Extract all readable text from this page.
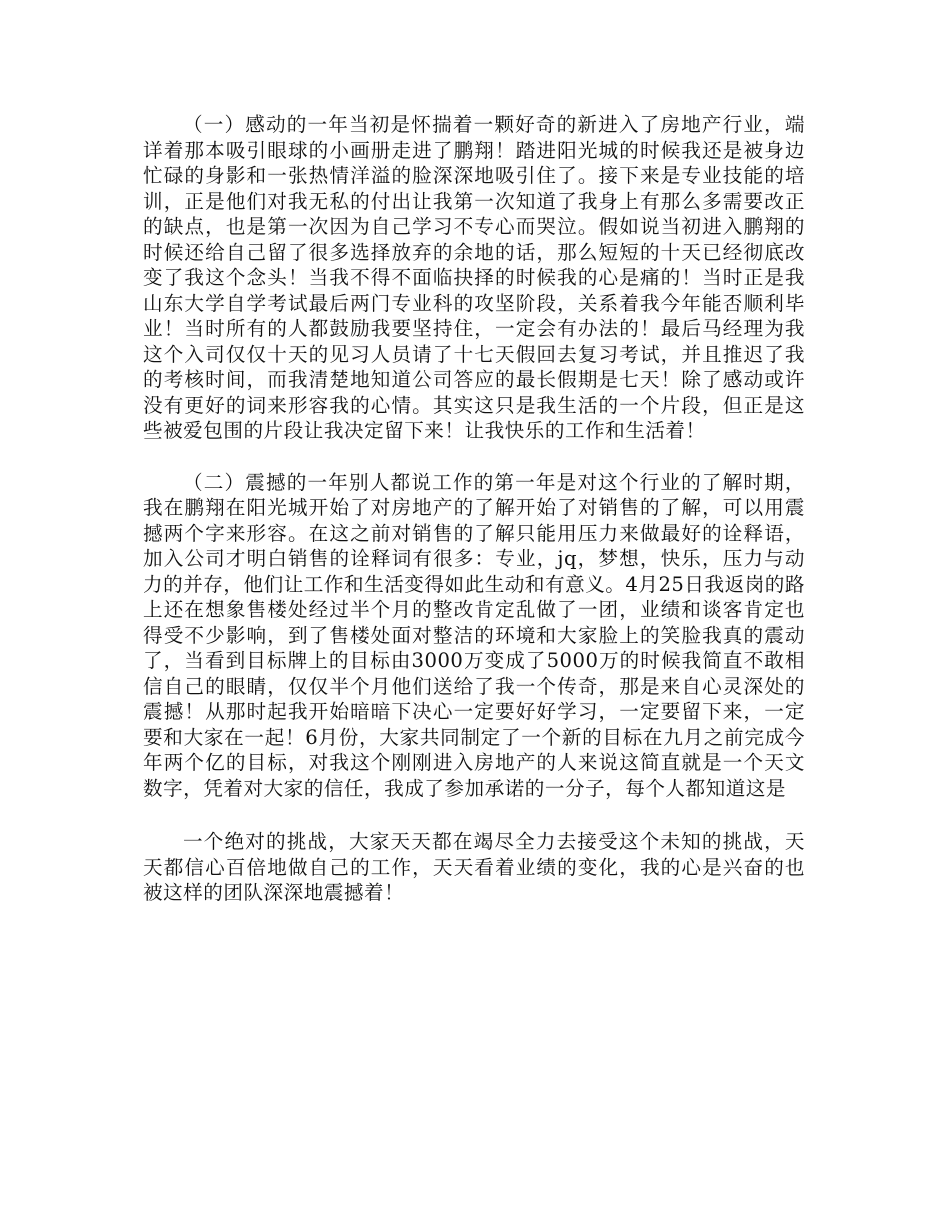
（一）感动的一年当初是怀揣着一颗好奇的新进入了房地产行业，端详着那本吸引眼球的小画册走进了鹏翔！踏进阳光城的时候我还是被身边忙碌的身影和一张热情洋溢的脸深深地吸引住了。接下来是专业技能的培训，正是他们对我无私的付出让我第一次知道了我身上有那么多需要改正的缺点，也是第一次因为自己学习不专心而哭泣。假如说当初进入鹏翔的时候还给自己留了很多选择放弃的余地的话，那么短短的十天已经彻底改变了我这个念头！当我不得不面临抉择的时候我的心是痛的！当时正是我山东大学自学考试最后两门专业科的攻坚阶段，关系着我今年能否顺利毕业！当时所有的人都鼓励我要坚持住，一定会有办法的！最后马经理为我这个入司仅仅十天的见习人员请了十七天假回去复习考试，并且推迟了我的考核时间，而我清楚地知道公司答应的最长假期是七天！除了感动或许没有更好的词来形容我的心情。其实这只是我生活的一个片段，但正是这些被爱包围的片段让我决定留下来！让我快乐的工作和生活着！

（二）震撼的一年别人都说工作的第一年是对这个行业的了解时期，我在鹏翔在阳光城开始了对房地产的了解开始了对销售的了解，可以用震撼两个字来形容。在这之前对销售的了解只能用压力来做最好的诠释语，加入公司才明白销售的诠释词有很多：专业，jq，梦想，快乐，压力与动力的并存，他们让工作和生活变得如此生动和有意义。4月25日我返岗的路上还在想象售楼处经过半个月的整改肯定乱做了一团，业绩和谈客肯定也得受不少影响，到了售楼处面对整洁的环境和大家脸上的笑脸我真的震动了，当看到目标牌上的目标由3000万变成了5000万的时候我简直不敢相信自己的眼睛，仅仅半个月他们送给了我一个传奇，那是来自心灵深处的震撼！从那时起我开始暗暗下决心一定要好好学习，一定要留下来，一定要和大家在一起！6月份，大家共同制定了一个新的目标在九月之前完成今年两个亿的目标，对我这个刚刚进入房地产的人来说这简直就是一个天文数字，凭着对大家的信任，我成了参加承诺的一分子，每个人都知道这是

一个绝对的挑战，大家天天都在竭尽全力去接受这个未知的挑战，天天都信心百倍地做自己的工作，天天看着业绩的变化，我的心是兴奋的也被这样的团队深深地震撼着！
